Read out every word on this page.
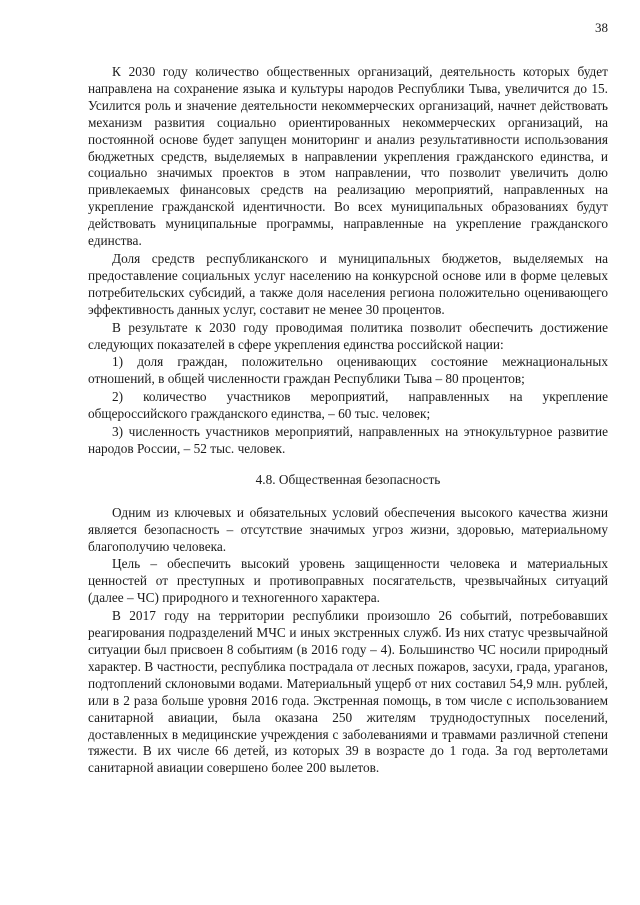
38

К 2030 году количество общественных организаций, деятельность которых будет направлена на сохранение языка и культуры народов Республики Тыва, увеличится до 15. Усилится роль и значение деятельности некоммерческих организаций, начнет действовать механизм развития социально ориентированных некоммерческих организаций, на постоянной основе будет запущен мониторинг и анализ результативности использования бюджетных средств, выделяемых в направлении укрепления гражданского единства, и социально значимых проектов в этом направлении, что позволит увеличить долю привлекаемых финансовых средств на реализацию мероприятий, направленных на укрепление гражданской идентичности. Во всех муниципальных образованиях будут действовать муниципальные программы, направленные на укрепление гражданского единства.

Доля средств республиканского и муниципальных бюджетов, выделяемых на предоставление социальных услуг населению на конкурсной основе или в форме целевых потребительских субсидий, а также доля населения региона положительно оценивающего эффективность данных услуг, составит не менее 30 процентов.

В результате к 2030 году проводимая политика позволит обеспечить достижение следующих показателей в сфере укрепления единства российской нации:

1) доля граждан, положительно оценивающих состояние межнациональных отношений, в общей численности граждан Республики Тыва – 80 процентов;

2) количество участников мероприятий, направленных на укрепление общероссийского гражданского единства, – 60 тыс. человек;

3) численность участников мероприятий, направленных на этнокультурное развитие народов России, – 52 тыс. человек.

4.8. Общественная безопасность

Одним из ключевых и обязательных условий обеспечения высокого качества жизни является безопасность – отсутствие значимых угроз жизни, здоровью, материальному благополучию человека.

Цель – обеспечить высокий уровень защищенности человека и материальных ценностей от преступных и противоправных посягательств, чрезвычайных ситуаций (далее – ЧС) природного и техногенного характера.

В 2017 году на территории республики произошло 26 событий, потребовавших реагирования подразделений МЧС и иных экстренных служб. Из них статус чрезвычайной ситуации был присвоен 8 событиям (в 2016 году – 4). Большинство ЧС носили природный характер. В частности, республика пострадала от лесных пожаров, засухи, града, ураганов, подтоплений склоновыми водами. Материальный ущерб от них составил 54,9 млн. рублей, или в 2 раза больше уровня 2016 года. Экстренная помощь, в том числе с использованием санитарной авиации, была оказана 250 жителям труднодоступных поселений, доставленных в медицинские учреждения с заболеваниями и травмами различной степени тяжести. В их числе 66 детей, из которых 39 в возрасте до 1 года. За год вертолетами санитарной авиации совершено более 200 вылетов.
